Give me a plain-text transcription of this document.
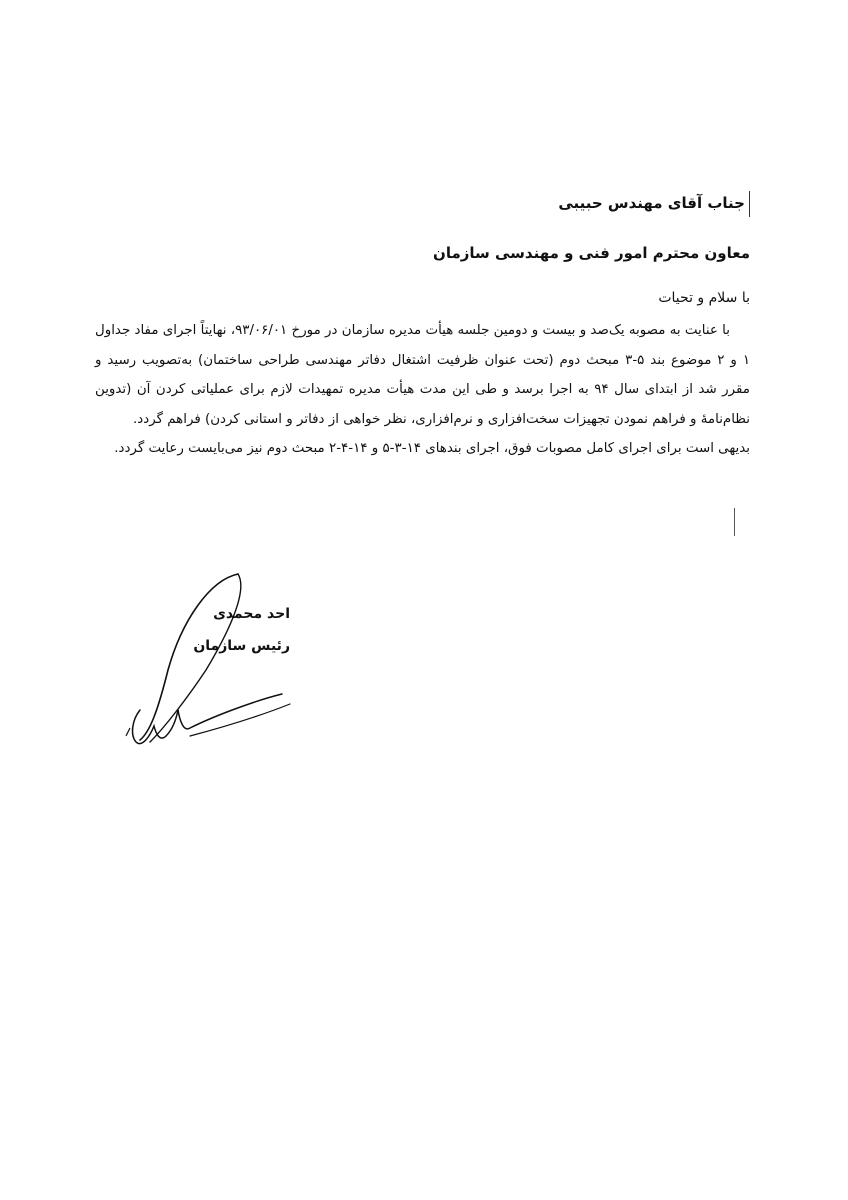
جناب آقای مهندس حبیبی
معاون محترم امور فنی و مهندسی سازمان
با سلام و تحیات

با عنایت به مصوبه یک‌صد و بیست و دومین جلسه هیأت مدیره سازمان در مورخ ۹۳/۰۶/۰۱، نهایتاً اجرای مفاد جداول ۱ و ۲ موضوع بند ۵-۳ مبحث دوم (تحت عنوان ظرفیت اشتغال دفاتر مهندسی طراحی ساختمان) به‌تصویب رسید و مقرر شد از ابتدای سال ۹۴ به اجرا برسد و طی این مدت هیأت مدیره تمهیدات لازم برای عملیاتی کردن آن (تدوین نظام‌نامهٔ و فراهم نمودن تجهیزات سخت‌افزاری و نرم‌افزاری، نظر خواهی از دفاتر و استانی کردن) فراهم گردد.

بدیهی است برای اجرای کامل مصوبات فوق، اجرای بندهای ۱۴-۳-۵ و ۱۴-۴-۲ مبحث دوم نیز می‌بایست رعایت گردد.

احد محمدی
رئیس سازمان
